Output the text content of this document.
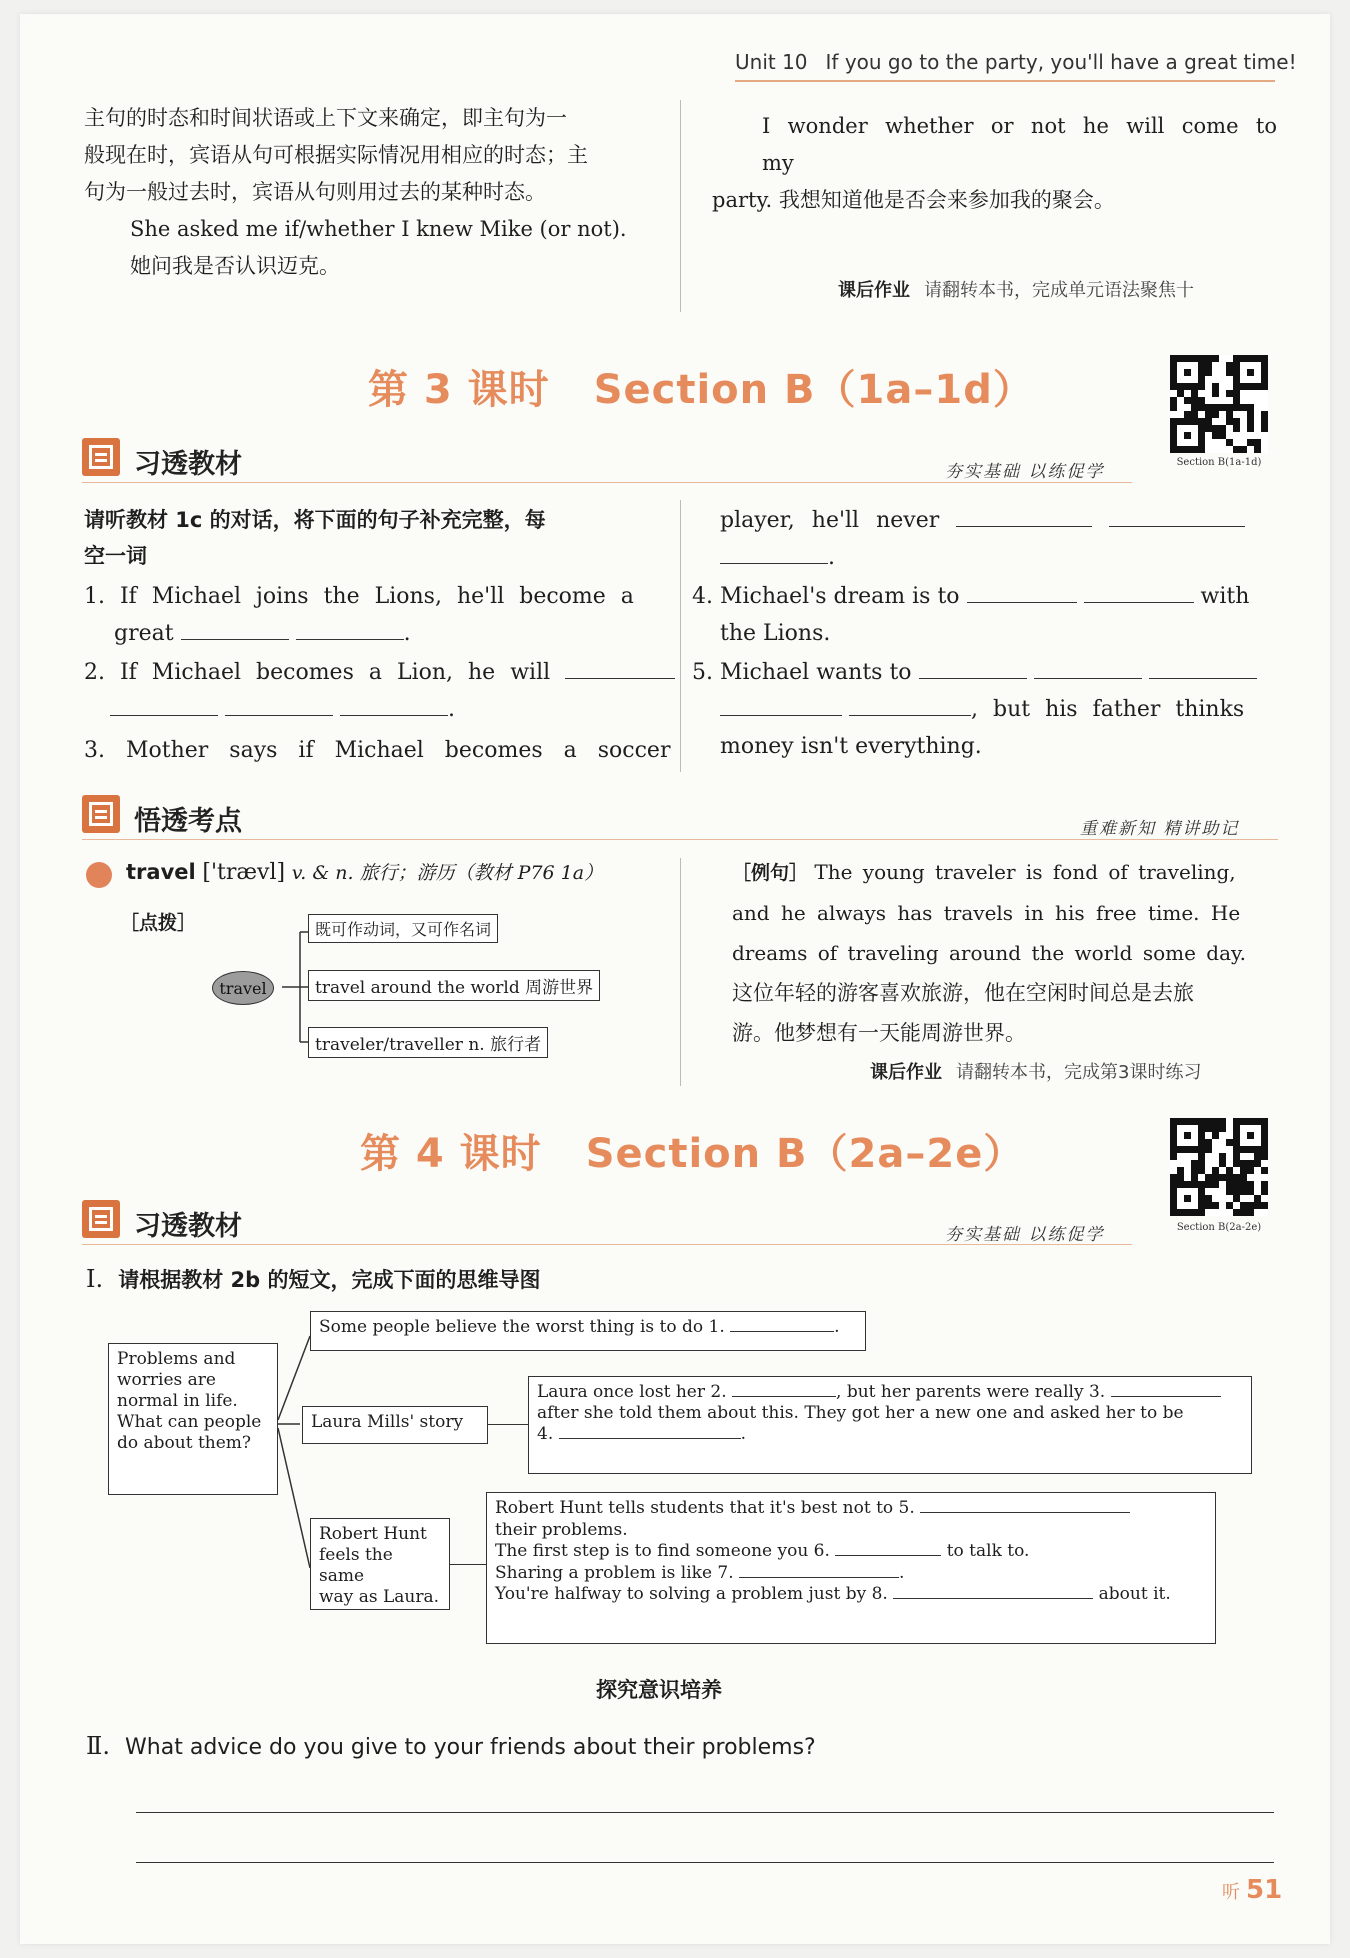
Unit 10 If you go to the party, you'll have a great time!
主句的时态和时间状语或上下文来确定，即主句为一
般现在时，宾语从句可根据实际情况用相应的时态；主
句为一般过去时，宾语从句则用过去的某种时态。
She asked me if/whether I knew Mike (or not).
她问我是否认识迈克。
I wonder whether or not he will come to my
party. 我想知道他是否会来参加我的聚会。
课后作业 请翻转本书，完成单元语法聚焦十
第 3 课时 Section B（1a–1d）
Section B(1a-1d)
习透教材	夯实基础 以练促学
请听教材 1c 的对话，将下面的句子补充完整，每
空一词
1. If Michael joins the Lions, he'll become a
great	.
2. If Michael becomes a Lion, he will
.
3. Mother says if Michael becomes a soccer
player, he'll never
.
4. Michael's dream is to	with
the Lions.
5. Michael wants to
, but his father thinks
money isn't everything.
悟透考点	重难新知 精讲助记
travel ['trævl] v. & n. 旅行；游历（教材 P76 1a）
［点拨］
travel
既可作动词，又可作名词
travel around the world 周游世界
traveler/traveller n. 旅行者
［例句］ The young traveler is fond of traveling,
and he always has travels in his free time. He
dreams of traveling around the world some day.
这位年轻的游客喜欢旅游，他在空闲时间总是去旅
游。他梦想有一天能周游世界。
课后作业 请翻转本书，完成第3课时练习
第 4 课时 Section B（2a–2e）
Section B(2a-2e)
习透教材	夯实基础 以练促学
Ⅰ. 请根据教材 2b 的短文，完成下面的思维导图
Problems and
worries are
normal in life.
What can people
do about them?
Some people believe the worst thing is to do 1.	.
Laura Mills' story
Laura once lost her 2.	, but her parents were really 3.
after she told them about this. They got her a new one and asked her to be
4.	.
Robert Hunt
feels the same
way as Laura.
Robert Hunt tells students that it's best not to 5.
their problems.
The first step is to find someone you 6.	to talk to.
Sharing a problem is like 7.	.
You're halfway to solving a problem just by 8.	about it.
探究意识培养
Ⅱ. What advice do you give to your friends about their problems?
听 51
